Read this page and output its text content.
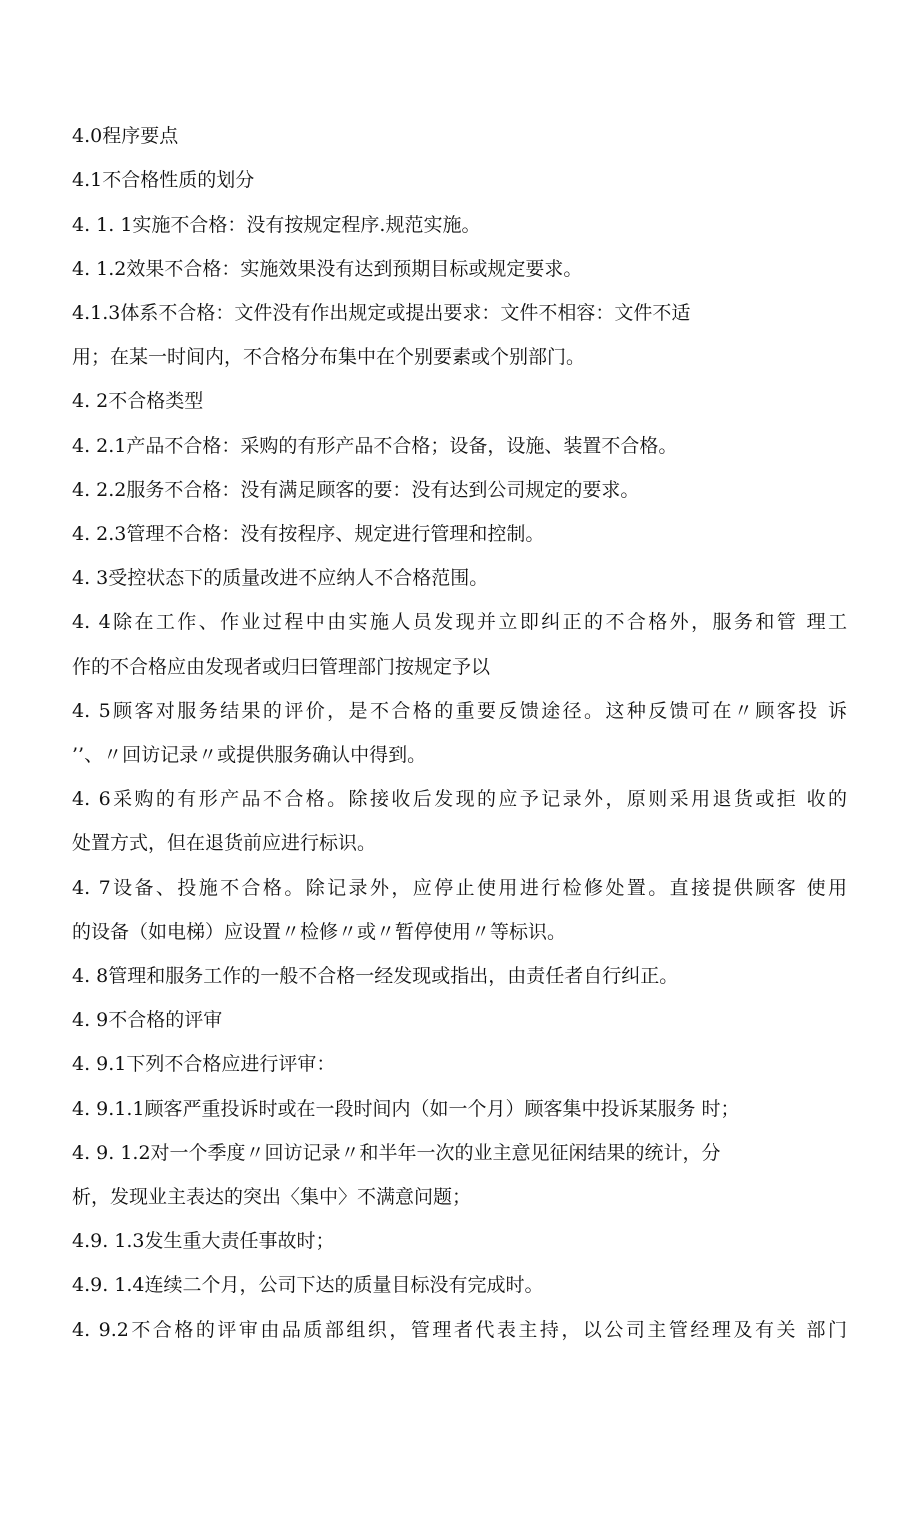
4.0程序要点
4.1不合格性质的划分
4. 1. 1实施不合格：没有按规定程序.规范实施。
4. 1.2效果不合格：实施效果没有达到预期目标或规定要求。
4.1.3体系不合格：文件没有作出规定或提出要求：文件不相容：文件不适
用；在某一时间内，不合格分布集中在个别要素或个别部门。
4. 2不合格类型
4. 2.1产品不合格：采购的有形产品不合格；设备，设施、装置不合格。
4. 2.2服务不合格：没有满足顾客的要：没有达到公司规定的要求。
4. 2.3管理不合格：没有按程序、规定进行管理和控制。
4. 3受控状态下的质量改进不应纳人不合格范围。
4. 4除在工作、作业过程中由实施人员发现并立即纠正的不合格外，服务和管 理工
作的不合格应由发现者或归曰管理部门按规定予以
4. 5顾客对服务结果的评价，是不合格的重要反馈途径。这种反馈可在〃顾客投 诉
’’、〃回访记录〃或提供服务确认中得到。
4. 6采购的有形产品不合格。除接收后发现的应予记录外，原则采用退货或拒 收的
处置方式，但在退货前应进行标识。
4. 7设备、投施不合格。除记录外，应停止使用进行检修处置。直接提供顾客 使用
的设备（如电梯）应设置〃检修〃或〃暂停使用〃等标识。
4. 8管理和服务工作的一般不合格一经发现或指出，由责任者自行纠正。
4. 9不合格的评审
4. 9.1下列不合格应进行评审：
4. 9.1.1顾客严重投诉时或在一段时间内（如一个月）顾客集中投诉某服务 时；
4. 9. 1.2对一个季度〃回访记录〃和半年一次的业主意见征闲结果的统计，分
析，发现业主表达的突出〈集中〉不满意问题；
4.9. 1.3发生重大责任事故时；
4.9. 1.4连续二个月，公司下达的质量目标没有完成时。
4. 9.2不合格的评审由品质部组织，管理者代表主持，以公司主管经理及有关 部门
